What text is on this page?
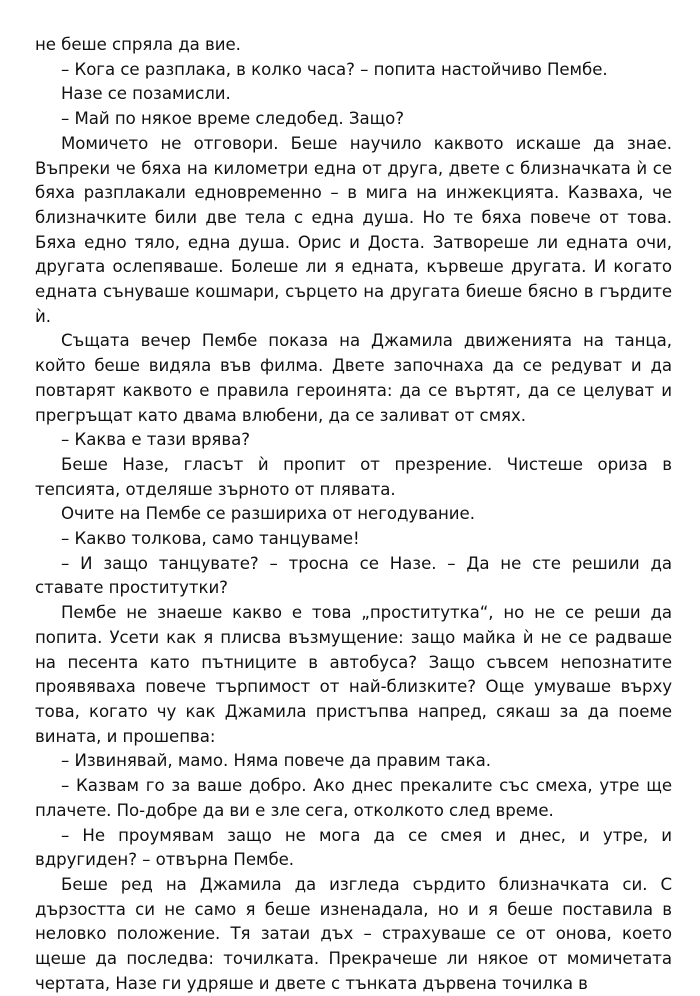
не беше спряла да вие.

– Кога се разплака, в колко часа? – попита настойчиво Пембе.

Назе се позамисли.

– Май по някое време следобед. Защо?

Момичето не отговори. Беше научило каквото искаше да знае. Въпреки че бяха на километри една от друга, двете с близначката ѝ се бяха разплакали едновременно – в мига на инжекцията. Казваха, че близначките били две тела с една душа. Но те бяха повече от това. Бяха едно тяло, една душа. Орис и Доста. Затвореше ли едната очи, другата ослепяваше. Болеше ли я едната, кървеше другата. И когато едната сънуваше кошмари, сърцето на другата биеше бясно в гърдите ѝ.

Същата вечер Пембе показа на Джамила движенията на танца, който беше видяла във филма. Двете започнаха да се редуват и да повтарят каквото е правила героинята: да се въртят, да се целуват и прегръщат като двама влюбени, да се заливат от смях.

– Каква е тази врява?

Беше Назе, гласът ѝ пропит от презрение. Чистеше ориза в тепсията, отделяше зърното от плявата.

Очите на Пембе се разшириха от негодувание.

– Какво толкова, само танцуваме!

– И защо танцувате? – тросна се Назе. – Да не сте решили да ставате проститутки?

Пембе не знаеше какво е това „проститутка“, но не се реши да попита. Усети как я плисва възмущение: защо майка ѝ не се радваше на песента като пътниците в автобуса? Защо съвсем непознатите проявяваха повече търпимост от най-близките? Още умуваше върху това, когато чу как Джамила пристъпва напред, сякаш за да поеме вината, и прошепва:

– Извинявай, мамо. Няма повече да правим така.

– Казвам го за ваше добро. Ако днес прекалите със смеха, утре ще плачете. По-добре да ви е зле сега, отколкото след време.

– Не проумявам защо не мога да се смея и днес, и утре, и вдругиден? – отвърна Пембе.

Беше ред на Джамила да изгледа сърдито близначката си. С дързостта си не само я беше изненадала, но и я беше поставила в неловко положение. Тя затаи дъх – страхуваше се от онова, което щеше да последва: точилката. Прекрачеше ли някое от момичетата чертата, Назе ги удряше и двете с тънката дървена точилка в
